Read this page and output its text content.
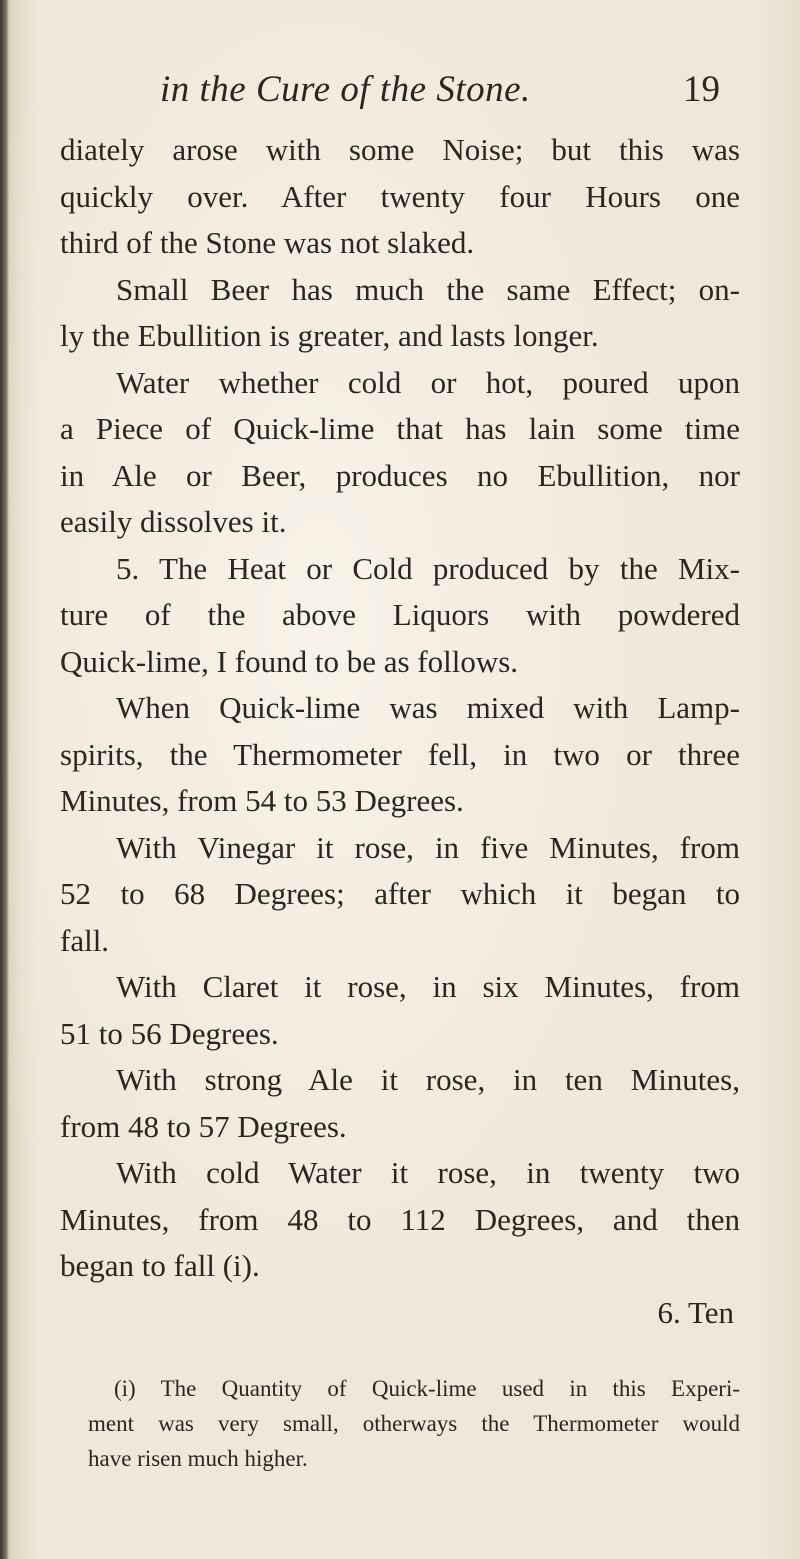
in the Cure of the Stone.	19
diately arose with some Noise; but this was
quickly over. After twenty four Hours one
third of the Stone was not slaked.
Small Beer has much the same Effect; on-
ly the Ebullition is greater, and lasts longer.
Water whether cold or hot, poured upon
a Piece of Quick-lime that has lain some time
in Ale or Beer, produces no Ebullition, nor
easily dissolves it.
5. The Heat or Cold produced by the Mix-
ture of the above Liquors with powdered
Quick-lime, I found to be as follows.
When Quick-lime was mixed with Lamp-
spirits, the Thermometer fell, in two or three
Minutes, from 54 to 53 Degrees.
With Vinegar it rose, in five Minutes, from
52 to 68 Degrees; after which it began to
fall.
With Claret it rose, in six Minutes, from
51 to 56 Degrees.
With strong Ale it rose, in ten Minutes,
from 48 to 57 Degrees.
With cold Water it rose, in twenty two
Minutes, from 48 to 112 Degrees, and then
began to fall (i).
6. Ten
(i) The Quantity of Quick-lime used in this Experi-
ment was very small, otherways the Thermometer would
have risen much higher.
